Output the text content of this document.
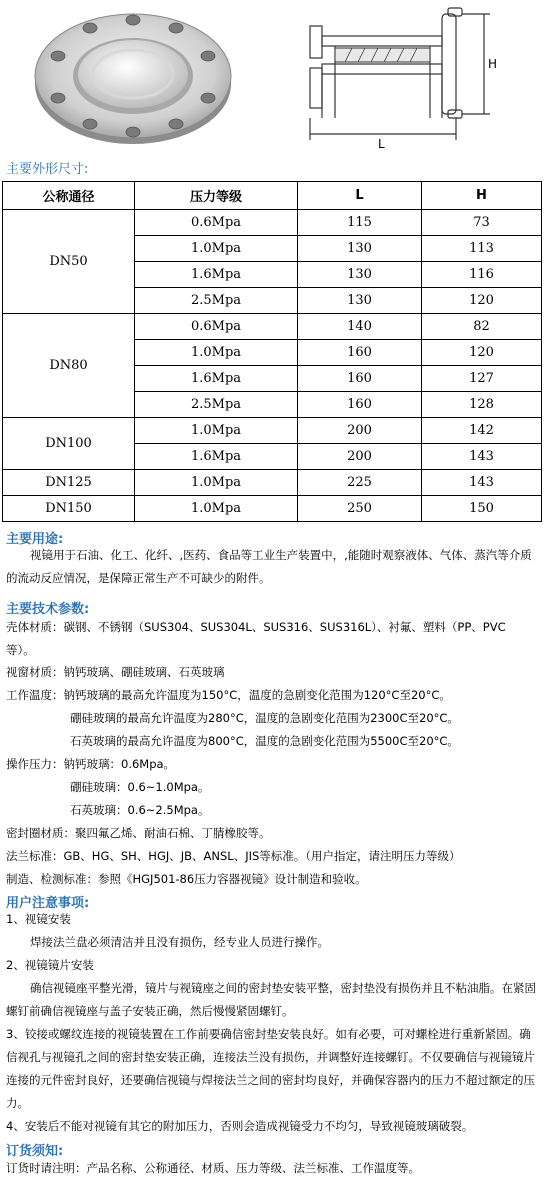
H
L
主要外形尺寸:
公称通径	压力等级	L	H
DN50	0.6Mpa	115	73
	1.0Mpa	130	113
	1.6Mpa	130	116
	2.5Mpa	130	120
DN80	0.6Mpa	140	82
	1.0Mpa	160	120
	1.6Mpa	160	127
	2.5Mpa	160	128
DN100	1.0Mpa	200	142
	1.6Mpa	200	143
DN125	1.0Mpa	225	143
DN150	1.0Mpa	250	150
主要用途:
视镜用于石油、化工、化纤、,医药、食品等工业生产装置中，,能随时观察液体、气体、蒸汽等介质的流动反应情况，是保障正常生产不可缺少的附件。
主要技术参数:
壳体材质：碳钢、不锈钢（SUS304、SUS304L、SUS316、SUS316L）、衬氟、塑料（PP、PVC 等）。
视窗材质：钠钙玻璃、硼硅玻璃、石英玻璃
工作温度：钠钙玻璃的最高允许温度为150°C，温度的急剧变化范围为120°C至20°C。
硼硅玻璃的最高允许温度为280°C，温度的急剧变化范围为2300C至20°C。
石英玻璃的最高允许温度为800°C，温度的急剧变化范围为5500C至20°C。
操作压力：钠钙玻璃：0.6Mpa。
硼硅玻璃：0.6~1.0Mpa。
石英玻璃：0.6~2.5Mpa。
密封圈材质：聚四氟乙烯、耐油石棉、丁腈橡胶等。
法兰标准：GB、HG、SH、HGJ、JB、ANSL、JIS等标准。（用户指定，请注明压力等级）
制造、检测标准：参照《HGJ501-86压力容器视镜》设计制造和验收。
用户注意事项:
1、视镜安装
焊接法兰盘必须清洁并且没有损伤，经专业人员进行操作。
2、视镜镜片安装
确信视镜座平整光滑，镜片与视镜座之间的密封垫安装平整，密封垫没有损伤并且不粘油脂。在紧固螺钉前确信视镜座与盖子安装正确，然后慢慢紧固螺钉。
3、铰接或螺纹连接的视镜装置在工作前要确信密封垫安装良好。如有必要，可对螺栓进行重新紧固。确信视孔与视镜孔之间的密封垫安装正确，连接法兰没有损伤，并调整好连接螺钉。不仅要确信与视镜镜片连接的元件密封良好，还要确信视镜与焊接法兰之间的密封均良好，并确保容器内的压力不超过额定的压力。
4、安装后不能对视镜有其它的附加压力，否则会造成视镜受力不均匀，导致视镜玻璃破裂。
订货须知:
订货时请注明：产品名称、公称通径、材质、压力等级、法兰标准、工作温度等。
